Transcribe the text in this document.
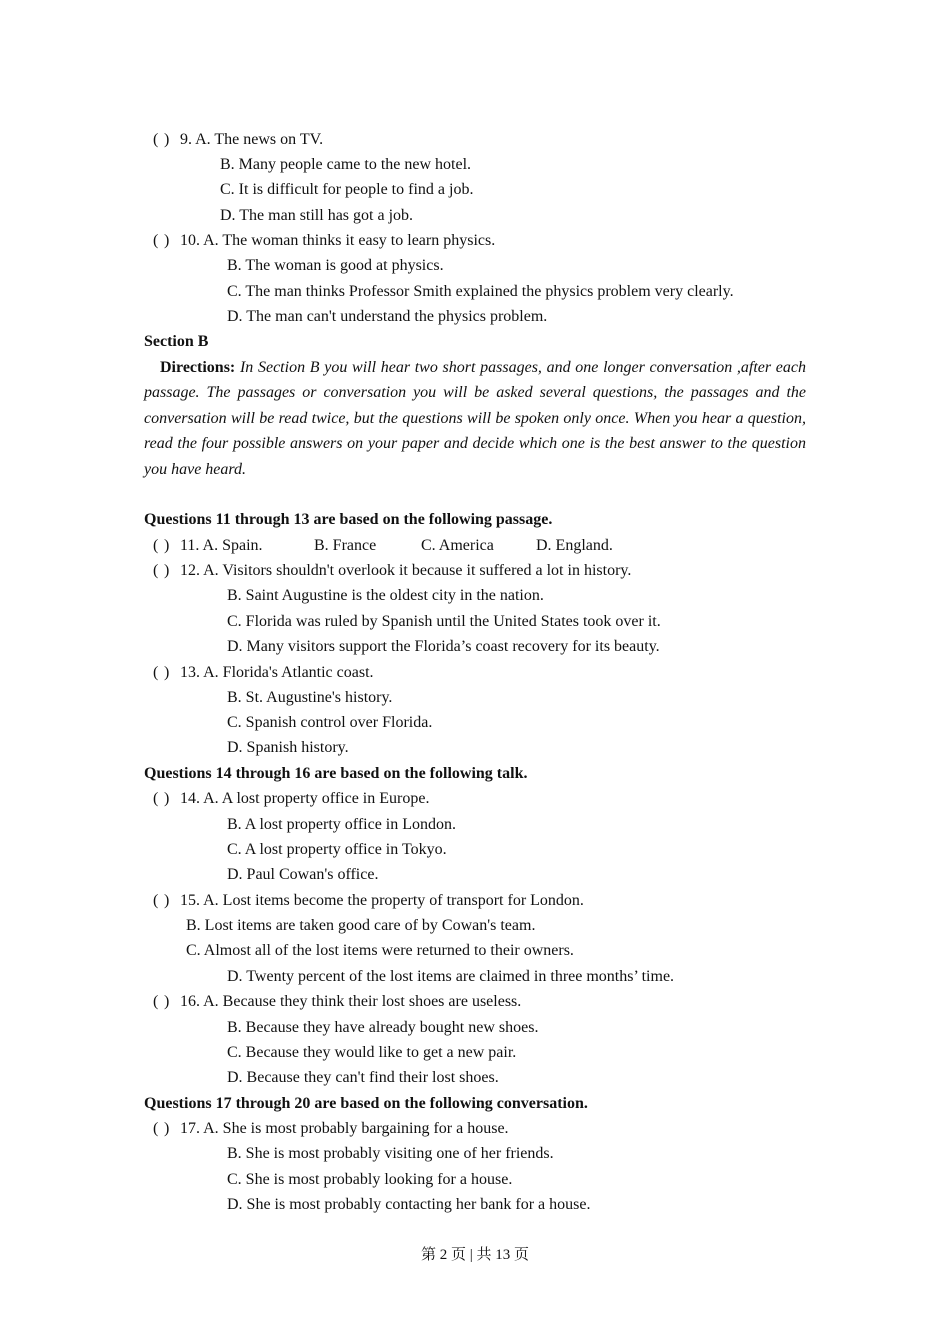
( ) 9. A. The news on TV.
B. Many people came to the new hotel.
C. It is difficult for people to find a job.
D. The man still has got a job.
( ) 10. A. The woman thinks it easy to learn physics.
B. The woman is good at physics.
C. The man thinks Professor Smith explained the physics problem very clearly.
D. The man can't understand the physics problem.
Section B
Directions: In Section B you will hear two short passages, and one longer conversation ,after each passage. The passages or conversation you will be asked several questions, the passages and the conversation will be read twice, but the questions will be spoken only once. When you hear a question, read the four possible answers on your paper and decide which one is the best answer to the question you have heard.
Questions 11 through 13 are based on the following passage.
( ) 11. A. Spain.	B. France	C. America	D. England.
( ) 12. A. Visitors shouldn't overlook it because it suffered a lot in history.
B. Saint Augustine is the oldest city in the nation.
C. Florida was ruled by Spanish until the United States took over it.
D. Many visitors support the Florida’s coast recovery for its beauty.
( ) 13. A. Florida's Atlantic coast.
B. St. Augustine's history.
C. Spanish control over Florida.
D. Spanish history.
Questions 14 through 16 are based on the following talk.
( ) 14. A. A lost property office in Europe.
B. A lost property office in London.
C. A lost property office in Tokyo.
D. Paul Cowan's office.
( ) 15. A. Lost items become the property of transport for London.
B. Lost items are taken good care of by Cowan's team.
C. Almost all of the lost items were returned to their owners.
D. Twenty percent of the lost items are claimed in three months’ time.
( ) 16. A. Because they think their lost shoes are useless.
B. Because they have already bought new shoes.
C. Because they would like to get a new pair.
D. Because they can't find their lost shoes.
Questions 17 through 20 are based on the following conversation.
( ) 17. A. She is most probably bargaining for a house.
B. She is most probably visiting one of her friends.
C. She is most probably looking for a house.
D. She is most probably contacting her bank for a house.
第 2 页 | 共 13 页
